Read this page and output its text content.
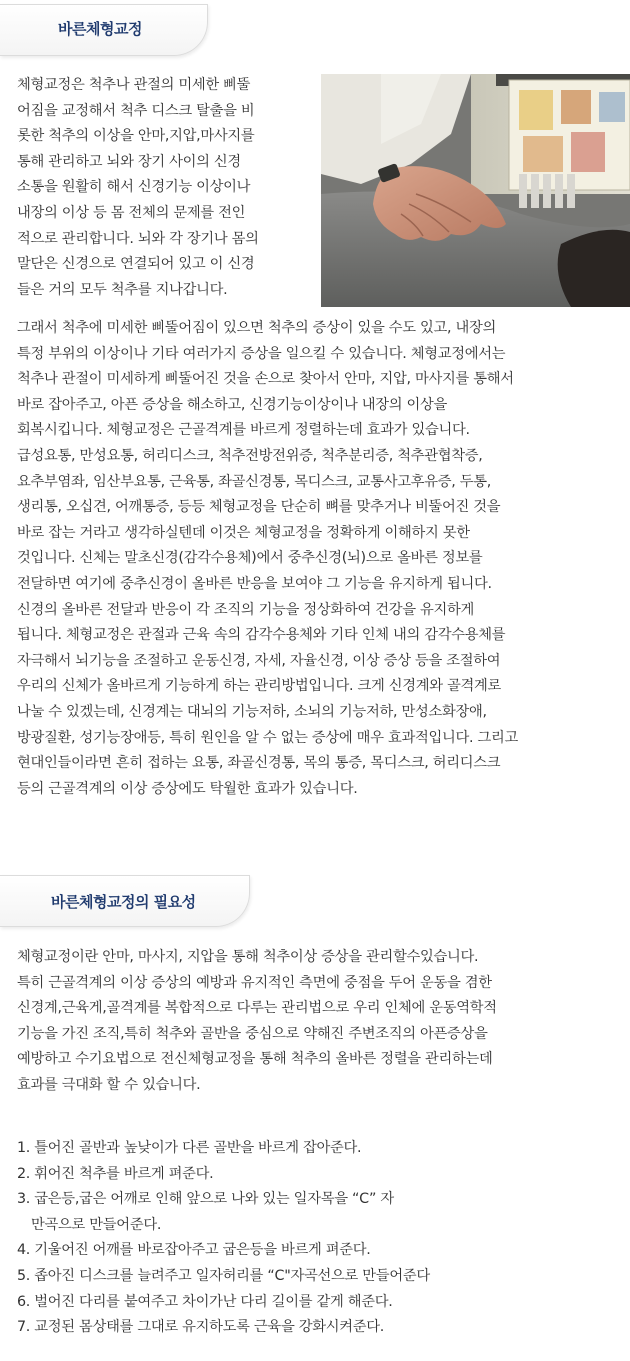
바른체형교정
체형교정은 척추나 관절의 미세한 삐뚤
어짐을 교정해서 척추 디스크 탈출을 비
롯한 척추의 이상을 안마,지압,마사지를
통해 관리하고 뇌와 장기 사이의 신경
소통을 원활히 해서 신경기능 이상이나
내장의 이상 등 몸 전체의 문제를 전인
적으로 관리합니다. 뇌와 각 장기나 몸의
말단은 신경으로 연결되어 있고 이 신경
들은 거의 모두 척추를 지나갑니다.
그래서 척추에 미세한 삐뚤어짐이 있으면 척추의 증상이 있을 수도 있고, 내장의
특정 부위의 이상이나 기타 여러가지 증상을 일으킬 수 있습니다. 체형교정에서는
척추나 관절이 미세하게 삐뚤어진 것을 손으로 찾아서 안마, 지압, 마사지를 통해서
바로 잡아주고, 아픈 증상을 해소하고, 신경기능이상이나 내장의 이상을
회복시킵니다. 체형교정은 근골격계를 바르게 정렬하는데 효과가 있습니다.
급성요통, 만성요통, 허리디스크, 척추전방전위증, 척추분리증, 척추관협착증,
요추부염좌, 임산부요통, 근육통, 좌골신경통, 목디스크, 교통사고후유증, 두통,
생리통, 오십견, 어깨통증, 등등 체형교정을 단순히 뼈를 맞추거나 비뚤어진 것을
바로 잡는 거라고 생각하실텐데 이것은 체형교정을 정확하게 이해하지 못한
것입니다. 신체는 말초신경(감각수용체)에서 중추신경(뇌)으로 올바른 정보를
전달하면 여기에 중추신경이 올바른 반응을 보여야 그 기능을 유지하게 됩니다.
신경의 올바른 전달과 반응이 각 조직의 기능을 정상화하여 건강을 유지하게
됩니다. 체형교정은 관절과 근육 속의 감각수용체와 기타 인체 내의 감각수용체를
자극해서 뇌기능을 조절하고 운동신경, 자세, 자율신경, 이상 증상 등을 조절하여
우리의 신체가 올바르게 기능하게 하는 관리방법입니다. 크게 신경계와 골격계로
나눌 수 있겠는데, 신경계는 대뇌의 기능저하, 소뇌의 기능저하, 만성소화장애,
방광질환, 성기능장애등, 특히 원인을 알 수 없는 증상에 매우 효과적입니다. 그리고
현대인들이라면 흔히 접하는 요통, 좌골신경통, 목의 통증, 목디스크, 허리디스크
등의 근골격계의 이상 증상에도 탁월한 효과가 있습니다.
바른체형교정의 필요성
체형교정이란 안마, 마사지, 지압을 통해 척추이상 증상을 관리할수있습니다.
특히 근골격계의 이상 증상의 예방과 유지적인 측면에 중점을 두어 운동을 겸한
신경계,근육게,골격계를 복합적으로 다루는 관리법으로 우리 인체에 운동역학적
기능을 가진 조직,특히 척추와 골반을 중심으로 약해진 주변조직의 아픈증상을
예방하고 수기요법으로 전신체형교정을 통해 척추의 올바른 정렬을 관리하는데
효과를 극대화 할 수 있습니다.
1. 틀어진 골반과 높낮이가 다른 골반을 바르게 잡아준다.
2. 휘어진 척추를 바르게 펴준다.
3. 굽은등,굽은 어깨로 인해 앞으로 나와 있는 일자목을 “C” 자
만곡으로 만들어준다.
4. 기울어진 어깨를 바로잡아주고 굽은등을 바르게 펴준다.
5. 좁아진 디스크를 늘려주고 일자허리를 “C"자곡선으로 만들어준다
6. 벌어진 다리를 붙여주고 차이가난 다리 길이를 같게 해준다.
7. 교정된 몸상태를 그대로 유지하도록 근육을 강화시켜준다.
